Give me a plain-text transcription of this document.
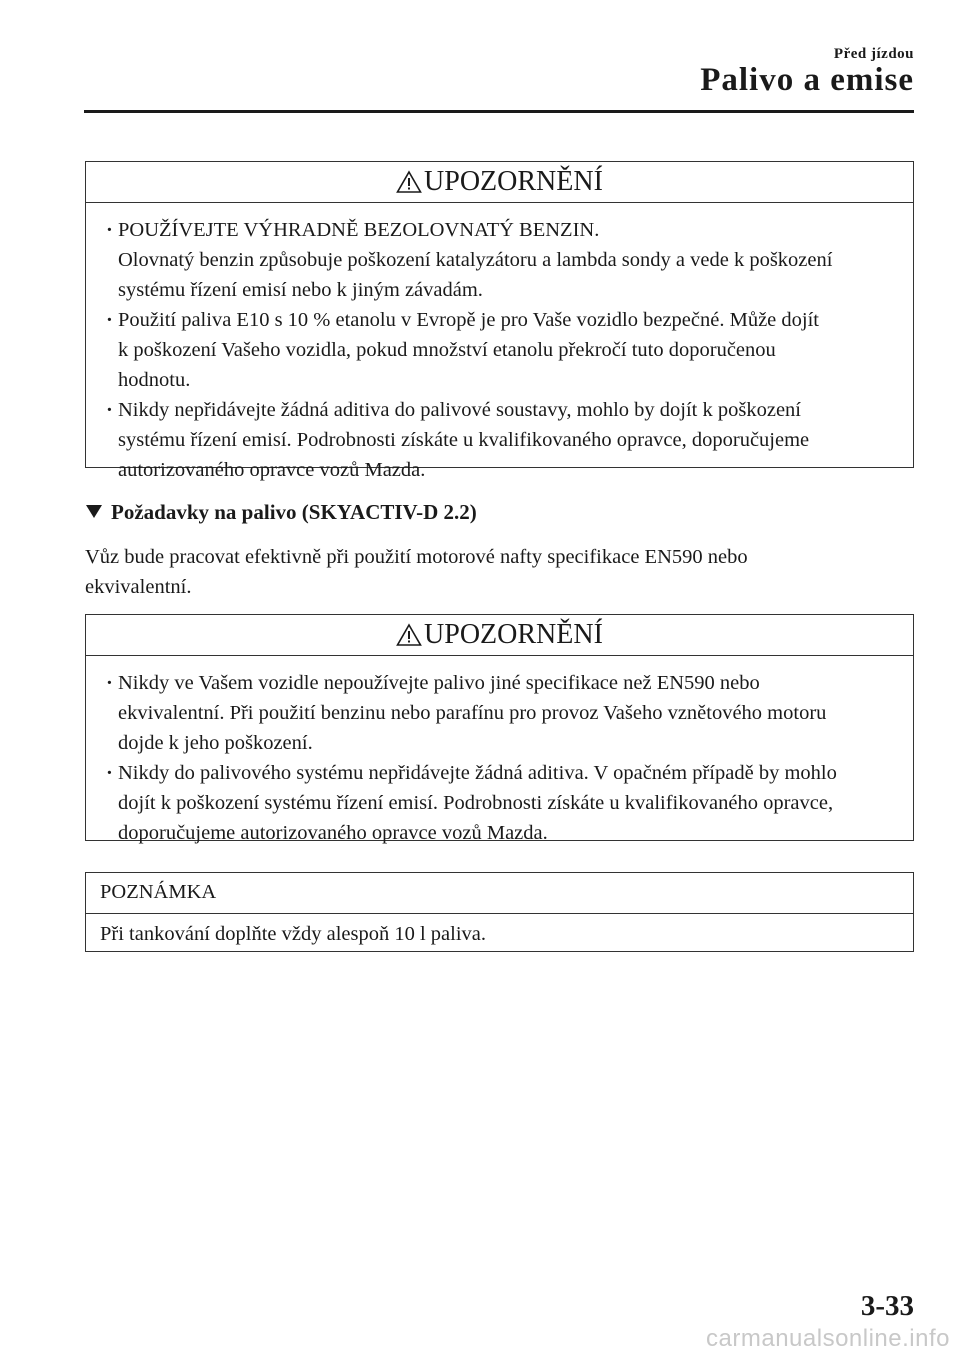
Před jízdou
Palivo a emise
UPOZORNĚNÍ
· POUŽÍVEJTE VÝHRADNĚ BEZOLOVNATÝ BENZIN.
Olovnatý benzin způsobuje poškození katalyzátoru a lambda sondy a vede k poškození
systému řízení emisí nebo k jiným závadám.
· Použití paliva E10 s 10 % etanolu v Evropě je pro Vaše vozidlo bezpečné. Může dojít
k poškození Vašeho vozidla, pokud množství etanolu překročí tuto doporučenou
hodnotu.
· Nikdy nepřidávejte žádná aditiva do palivové soustavy, mohlo by dojít k poškození
systému řízení emisí. Podrobnosti získáte u kvalifikovaného opravce, doporučujeme
autorizovaného opravce vozů Mazda.
Požadavky na palivo (SKYACTIV-D 2.2)
Vůz bude pracovat efektivně při použití motorové nafty specifikace EN590 nebo
ekvivalentní.
UPOZORNĚNÍ
· Nikdy ve Vašem vozidle nepoužívejte palivo jiné specifikace než EN590 nebo
ekvivalentní. Při použití benzinu nebo parafínu pro provoz Vašeho vznětového motoru
dojde k jeho poškození.
· Nikdy do palivového systému nepřidávejte žádná aditiva. V opačném případě by mohlo
dojít k poškození systému řízení emisí. Podrobnosti získáte u kvalifikovaného opravce,
doporučujeme autorizovaného opravce vozů Mazda.
POZNÁMKA
Při tankování doplňte vždy alespoň 10 l paliva.
3-33
carmanualsonline.info
